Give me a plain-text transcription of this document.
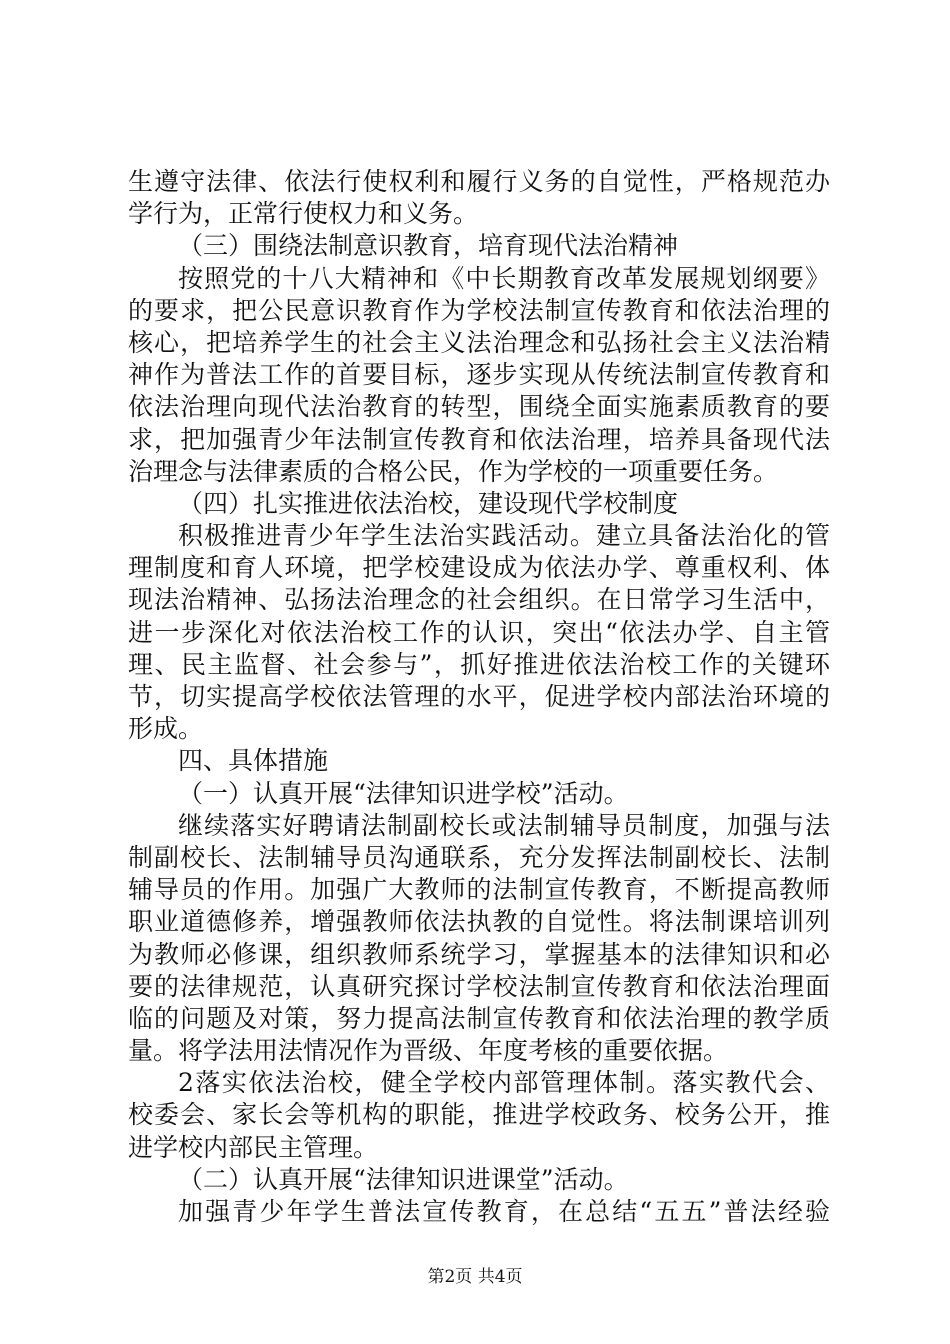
生遵守法律、依法行使权利和履行义务的自觉性，严格规范办
学行为，正常行使权力和义务。
（三）围绕法制意识教育，培育现代法治精神
按照党的十八大精神和《中长期教育改革发展规划纲要》
的要求，把公民意识教育作为学校法制宣传教育和依法治理的
核心，把培养学生的社会主义法治理念和弘扬社会主义法治精
神作为普法工作的首要目标，逐步实现从传统法制宣传教育和
依法治理向现代法治教育的转型，围绕全面实施素质教育的要
求，把加强青少年法制宣传教育和依法治理，培养具备现代法
治理念与法律素质的合格公民，作为学校的一项重要任务。
（四）扎实推进依法治校，建设现代学校制度
积极推进青少年学生法治实践活动。建立具备法治化的管
理制度和育人环境，把学校建设成为依法办学、尊重权利、体
现法治精神、弘扬法治理念的社会组织。在日常学习生活中，
进一步深化对依法治校工作的认识，突出“依法办学、自主管
理、民主监督、社会参与”，抓好推进依法治校工作的关键环
节，切实提高学校依法管理的水平，促进学校内部法治环境的
形成。
四、具体措施
（一）认真开展“法律知识进学校”活动。
继续落实好聘请法制副校长或法制辅导员制度，加强与法
制副校长、法制辅导员沟通联系，充分发挥法制副校长、法制
辅导员的作用。加强广大教师的法制宣传教育，不断提高教师
职业道德修养，增强教师依法执教的自觉性。将法制课培训列
为教师必修课，组织教师系统学习，掌握基本的法律知识和必
要的法律规范，认真研究探讨学校法制宣传教育和依法治理面
临的问题及对策，努力提高法制宣传教育和依法治理的教学质
量。将学法用法情况作为晋级、年度考核的重要依据。
2落实依法治校，健全学校内部管理体制。落实教代会、
校委会、家长会等机构的职能，推进学校政务、校务公开，推
进学校内部民主管理。
（二）认真开展“法律知识进课堂”活动。
加强青少年学生普法宣传教育，在总结“五五”普法经验
第2页 共4页
